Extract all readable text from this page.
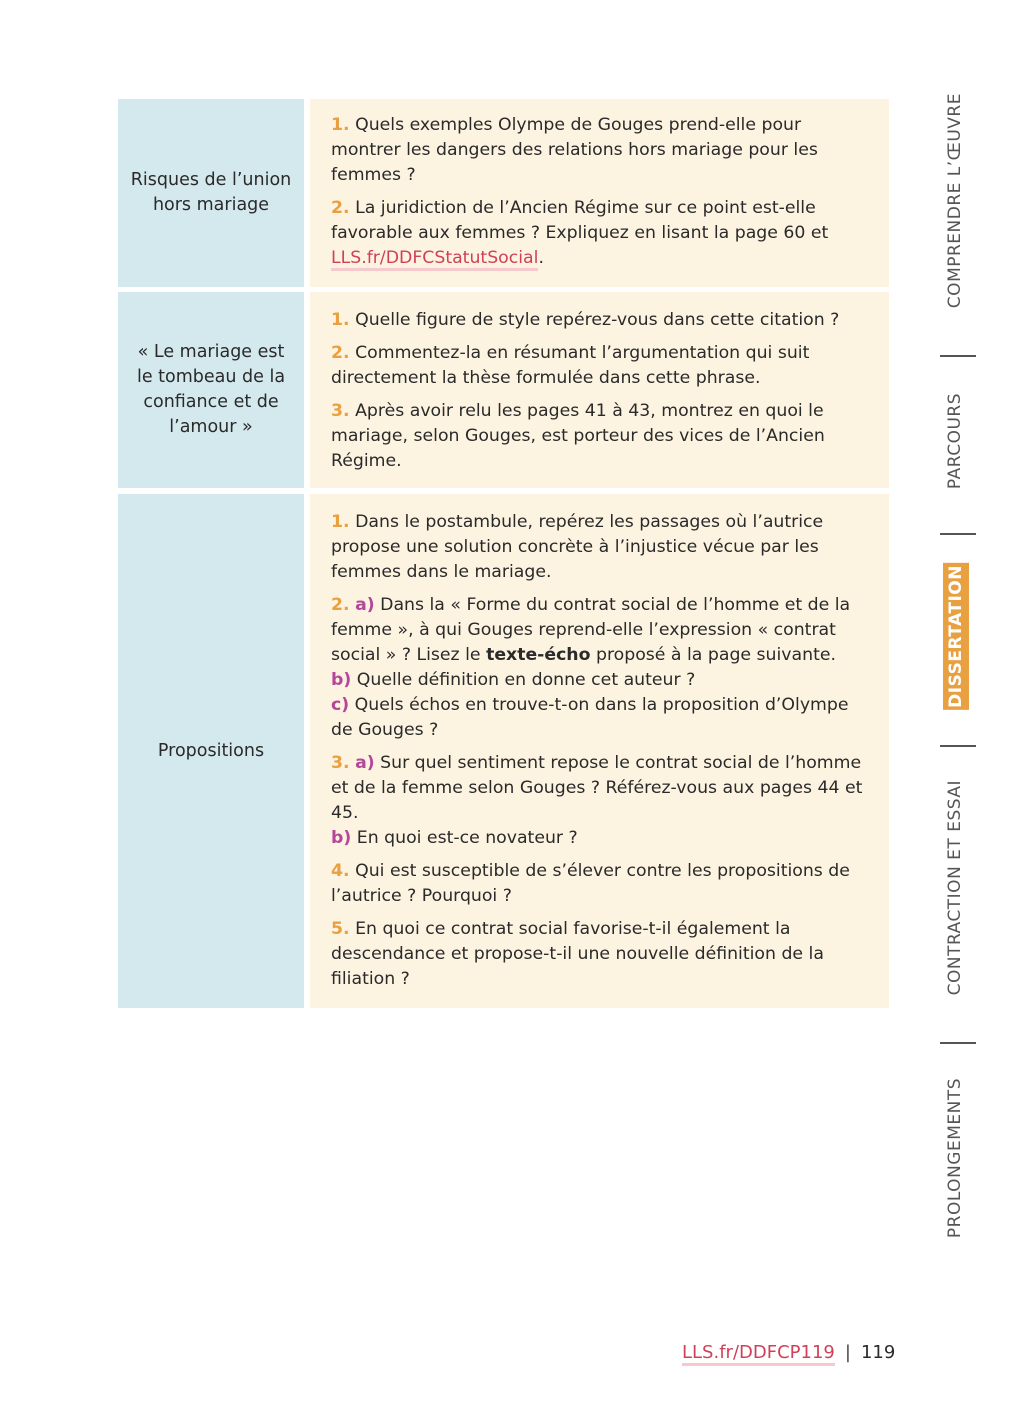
Risques de l’union hors mariage
1. Quels exemples Olympe de Gouges prend-elle pour montrer les dangers des relations hors mariage pour les femmes ?
2. La juridiction de l’Ancien Régime sur ce point est-elle favorable aux femmes ? Expliquez en lisant la page 60 et LLS.fr/DDFCStatutSocial.
« Le mariage est le tombeau de la confiance et de l’amour »
1. Quelle figure de style repérez-vous dans cette citation ?
2. Commentez-la en résumant l’argumentation qui suit directement la thèse formulée dans cette phrase.
3. Après avoir relu les pages 41 à 43, montrez en quoi le mariage, selon Gouges, est porteur des vices de l’Ancien Régime.
Propositions
1. Dans le postambule, repérez les passages où l’autrice propose une solution concrète à l’injustice vécue par les femmes dans le mariage.
2. a) Dans la « Forme du contrat social de l’homme et de la femme », à qui Gouges reprend-elle l’expression « contrat social » ? Lisez le texte-écho proposé à la page suivante.
b) Quelle définition en donne cet auteur ?
c) Quels échos en trouve-t-on dans la proposition d’Olympe de Gouges ?
3. a) Sur quel sentiment repose le contrat social de l’homme et de la femme selon Gouges ? Référez-vous aux pages 44 et 45.
b) En quoi est-ce novateur ?
4. Qui est susceptible de s’élever contre les propositions de l’autrice ? Pourquoi ?
5. En quoi ce contrat social favorise-t-il également la descendance et propose-t-il une nouvelle définition de la filiation ?
COMPRENDRE L’ŒUVRE
PARCOURS
DISSERTATION
CONTRACTION ET ESSAI
PROLONGEMENTS
LLS.fr/DDFCP119 | 119
